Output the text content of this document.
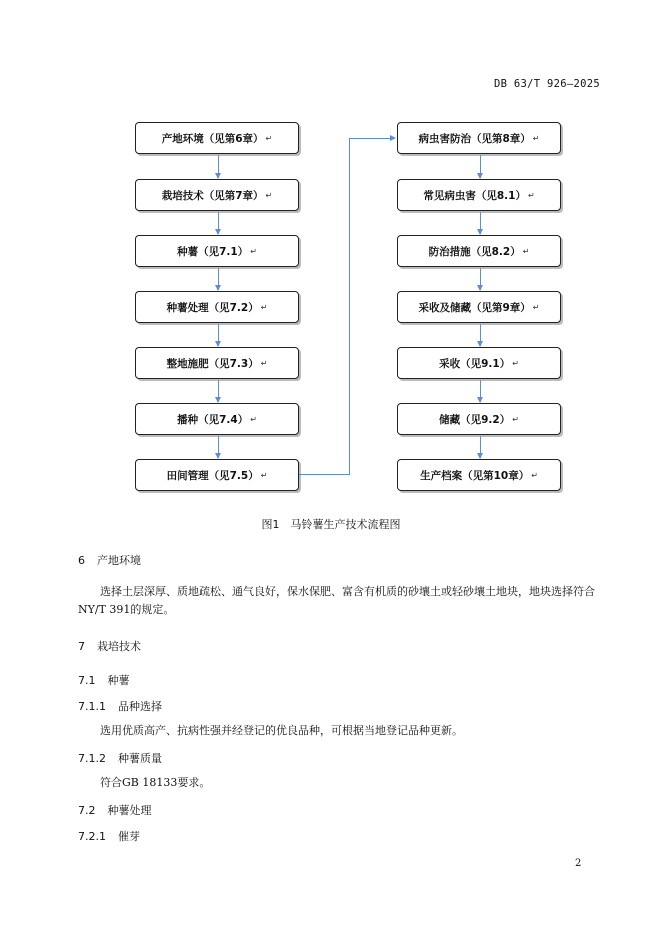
DB 63/T 926—2025
产地环境（见第6章） ↵
栽培技术（见第7章） ↵
种薯（见7.1） ↵
种薯处理（见7.2） ↵
整地施肥（见7.3） ↵
播种（见7.4） ↵
田间管理（见7.5） ↵
病虫害防治（见第8章） ↵
常见病虫害（见8.1） ↵
防治措施（见8.2） ↵
采收及储藏（见第9章） ↵
采收（见9.1） ↵
储藏（见9.2） ↵
生产档案（见第10章） ↵
图1　马铃薯生产技术流程图
6 产地环境
选择土层深厚、质地疏松、通气良好，保水保肥、富含有机质的砂壤土或轻砂壤土地块，地块选择符合NY/T 391的规定。
7 栽培技术
7.1 种薯
7.1.1 品种选择
选用优质高产、抗病性强并经登记的优良品种，可根据当地登记品种更新。
7.1.2 种薯质量
符合GB 18133要求。
7.2 种薯处理
7.2.1 催芽
2
